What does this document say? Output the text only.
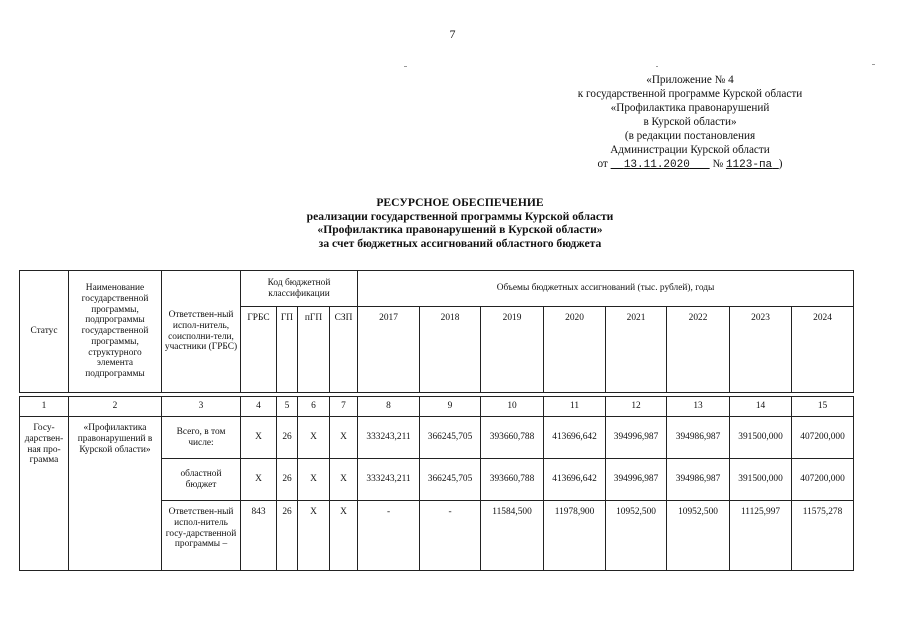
7
«Приложение № 4
к государственной программе Курской области
«Профилактика правонарушений
в Курской области»
(в редакции постановления
Администрации Курской области
от 13.11.2020 № 1123-па )
РЕСУРСНОЕ ОБЕСПЕЧЕНИЕ
реализации государственной программы Курской области
«Профилактика правонарушений в Курской области»
за счет бюджетных ассигнований областного бюджета
Статус	Наименование государственной программы, подпрограммы государственной программы, структурного элемента подпрограммы	Ответствен-ный испол-нитель, соисполни-тели, участники (ГРБС)	Код бюджетной классификации				Объемы бюджетных ассигнований (тыс. рублей), годы							
			ГРБС	ГП	пГП	СЗП	2017	2018	2019	2020	2021	2022	2023	2024

1	2	3	4	5	6	7	8	9	10	11	12	13	14	15
Госу-дарствен-ная про-грамма	«Профилактика правонарушений в Курской области»	Всего, в том числе:	X	26	X	X	333243,211	366245,705	393660,788	413696,642	394996,987	394986,987	391500,000	407200,000
		областной бюджет	X	26	X	X	333243,211	366245,705	393660,788	413696,642	394996,987	394986,987	391500,000	407200,000
		Ответствен-ный испол-нитель госу-дарственной программы –	843	26	X	X	-	-	11584,500	11978,900	10952,500	10952,500	11125,997	11575,278
